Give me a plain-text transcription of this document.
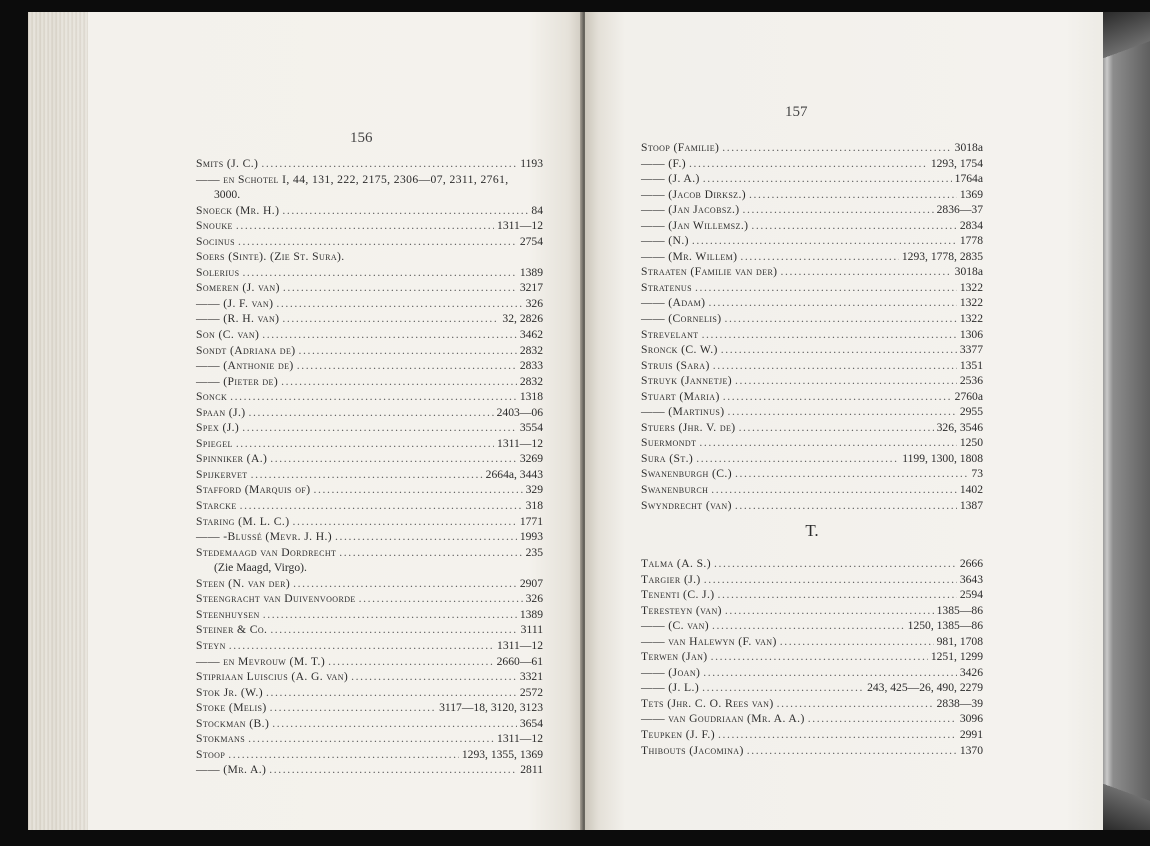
156
Smits (J. C.) .....	1193
—— en Schotel I, 44, 131, 222, 2175, 2306—07, 2311, 2761,
3000.
Snoeck (Mr. H.) .....	84
Snouke .....	1311—12
Socinus .....	2754
Soers (Sinte). (Zie St. Sura).
Solerius .....	1389
Someren (J. van) .....	3217
—— (J. F. van) .....	326
—— (R. H. van) .....	32, 2826
Son (C. van) .....	3462
Sondt (Adriana de) .....	2832
—— (Anthonie de) .....	2833
—— (Pieter de) .....	2832
Sonck .....	1318
Spaan (J.) .....	2403—06
Spex (J.) .....	3554
Spiegel .....	1311—12
Spinniker (A.) .....	3269
Spijkervet .....	2664a, 3443
Stafford (Marquis of) .....	329
Starcke .....	318
Staring (M. L. C.) .....	1771
—— -Blussé (Mevr. J. H.) .....	1993
Stedemaagd van Dordrecht .....	235
(Zie Maagd, Virgo).
Steen (N. van der) .....	2907
Steengracht van Duivenvoorde .....	326
Steenhuysen .....	1389
Steiner & Co. .....	3111
Steyn .....	1311—12
—— en Mevrouw (M. T.) .....	2660—61
Stipriaan Luiscius (A. G. van) .....	3321
Stok Jr. (W.) .....	2572
Stoke (Melis) .....	3117—18, 3120, 3123
Stockman (B.) .....	3654
Stokmans .....	1311—12
Stoop .....	1293, 1355, 1369
—— (Mr. A.) .....	2811
157
Stoop (Familie) .....	3018a
—— (F.) .....	1293, 1754
—— (J. A.) .....	1764a
—— (Jacob Dirksz.) .....	1369
—— (Jan Jacobsz.) .....	2836—37
—— (Jan Willemsz.) .....	2834
—— (N.) .....	1778
—— (Mr. Willem) .....	1293, 1778, 2835
Straaten (Familie van der) .....	3018a
Stratenus .....	1322
—— (Adam) .....	1322
—— (Cornelis) .....	1322
Strevelant .....	1306
Sronck (C. W.) .....	3377
Struis (Sara) .....	1351
Struyk (Jannetje) .....	2536
Stuart (Maria) .....	2760a
—— (Martinus) .....	2955
Stuers (Jhr. V. de) .....	326, 3546
Suermondt .....	1250
Sura (St.) .....	1199, 1300, 1808
Swanenburgh (C.) .....	73
Swanenburch .....	1402
Swyndrecht (van) .....	1387
T.
Talma (A. S.) .....	2666
Targier (J.) .....	3643
Tenenti (C. J.) .....	2594
Teresteyn (van) .....	1385—86
—— (C. van) .....	1250, 1385—86
—— van Halewyn (F. van) .....	981, 1708
Terwen (Jan) .....	1251, 1299
—— (Joan) .....	3426
—— (J. L.) .....	243, 425—26, 490, 2279
Tets (Jhr. C. O. Rees van) .....	2838—39
—— van Goudriaan (Mr. A. A.) .....	3096
Teupken (J. F.) .....	2991
Thibouts (Jacomina) .....	1370
